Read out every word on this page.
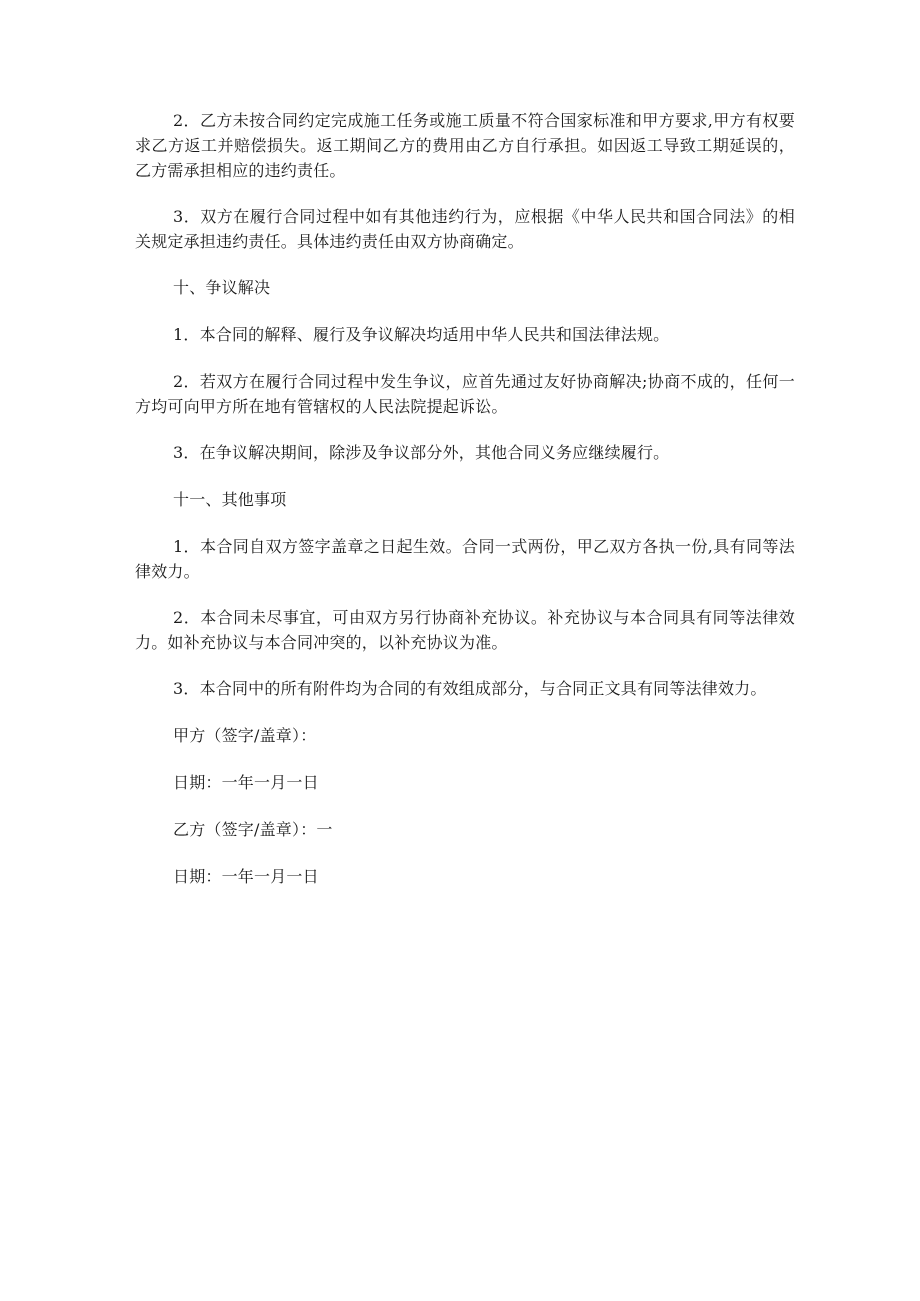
2．乙方未按合同约定完成施工任务或施工质量不符合国家标准和甲方要求,甲方有权要求乙方返工并赔偿损失。返工期间乙方的费用由乙方自行承担。如因返工导致工期延误的，乙方需承担相应的违约责任。

3．双方在履行合同过程中如有其他违约行为，应根据《中华人民共和国合同法》的相关规定承担违约责任。具体违约责任由双方协商确定。

十、争议解决

1．本合同的解释、履行及争议解决均适用中华人民共和国法律法规。

2．若双方在履行合同过程中发生争议，应首先通过友好协商解决;协商不成的，任何一方均可向甲方所在地有管辖权的人民法院提起诉讼。

3．在争议解决期间，除涉及争议部分外，其他合同义务应继续履行。

十一、其他事项

1．本合同自双方签字盖章之日起生效。合同一式两份，甲乙双方各执一份,具有同等法律效力。

2．本合同未尽事宜，可由双方另行协商补充协议。补充协议与本合同具有同等法律效力。如补充协议与本合同冲突的，以补充协议为准。

3．本合同中的所有附件均为合同的有效组成部分，与合同正文具有同等法律效力。

甲方（签字/盖章）：

日期：一年一月一日

乙方（签字/盖章）：一

日期：一年一月一日
